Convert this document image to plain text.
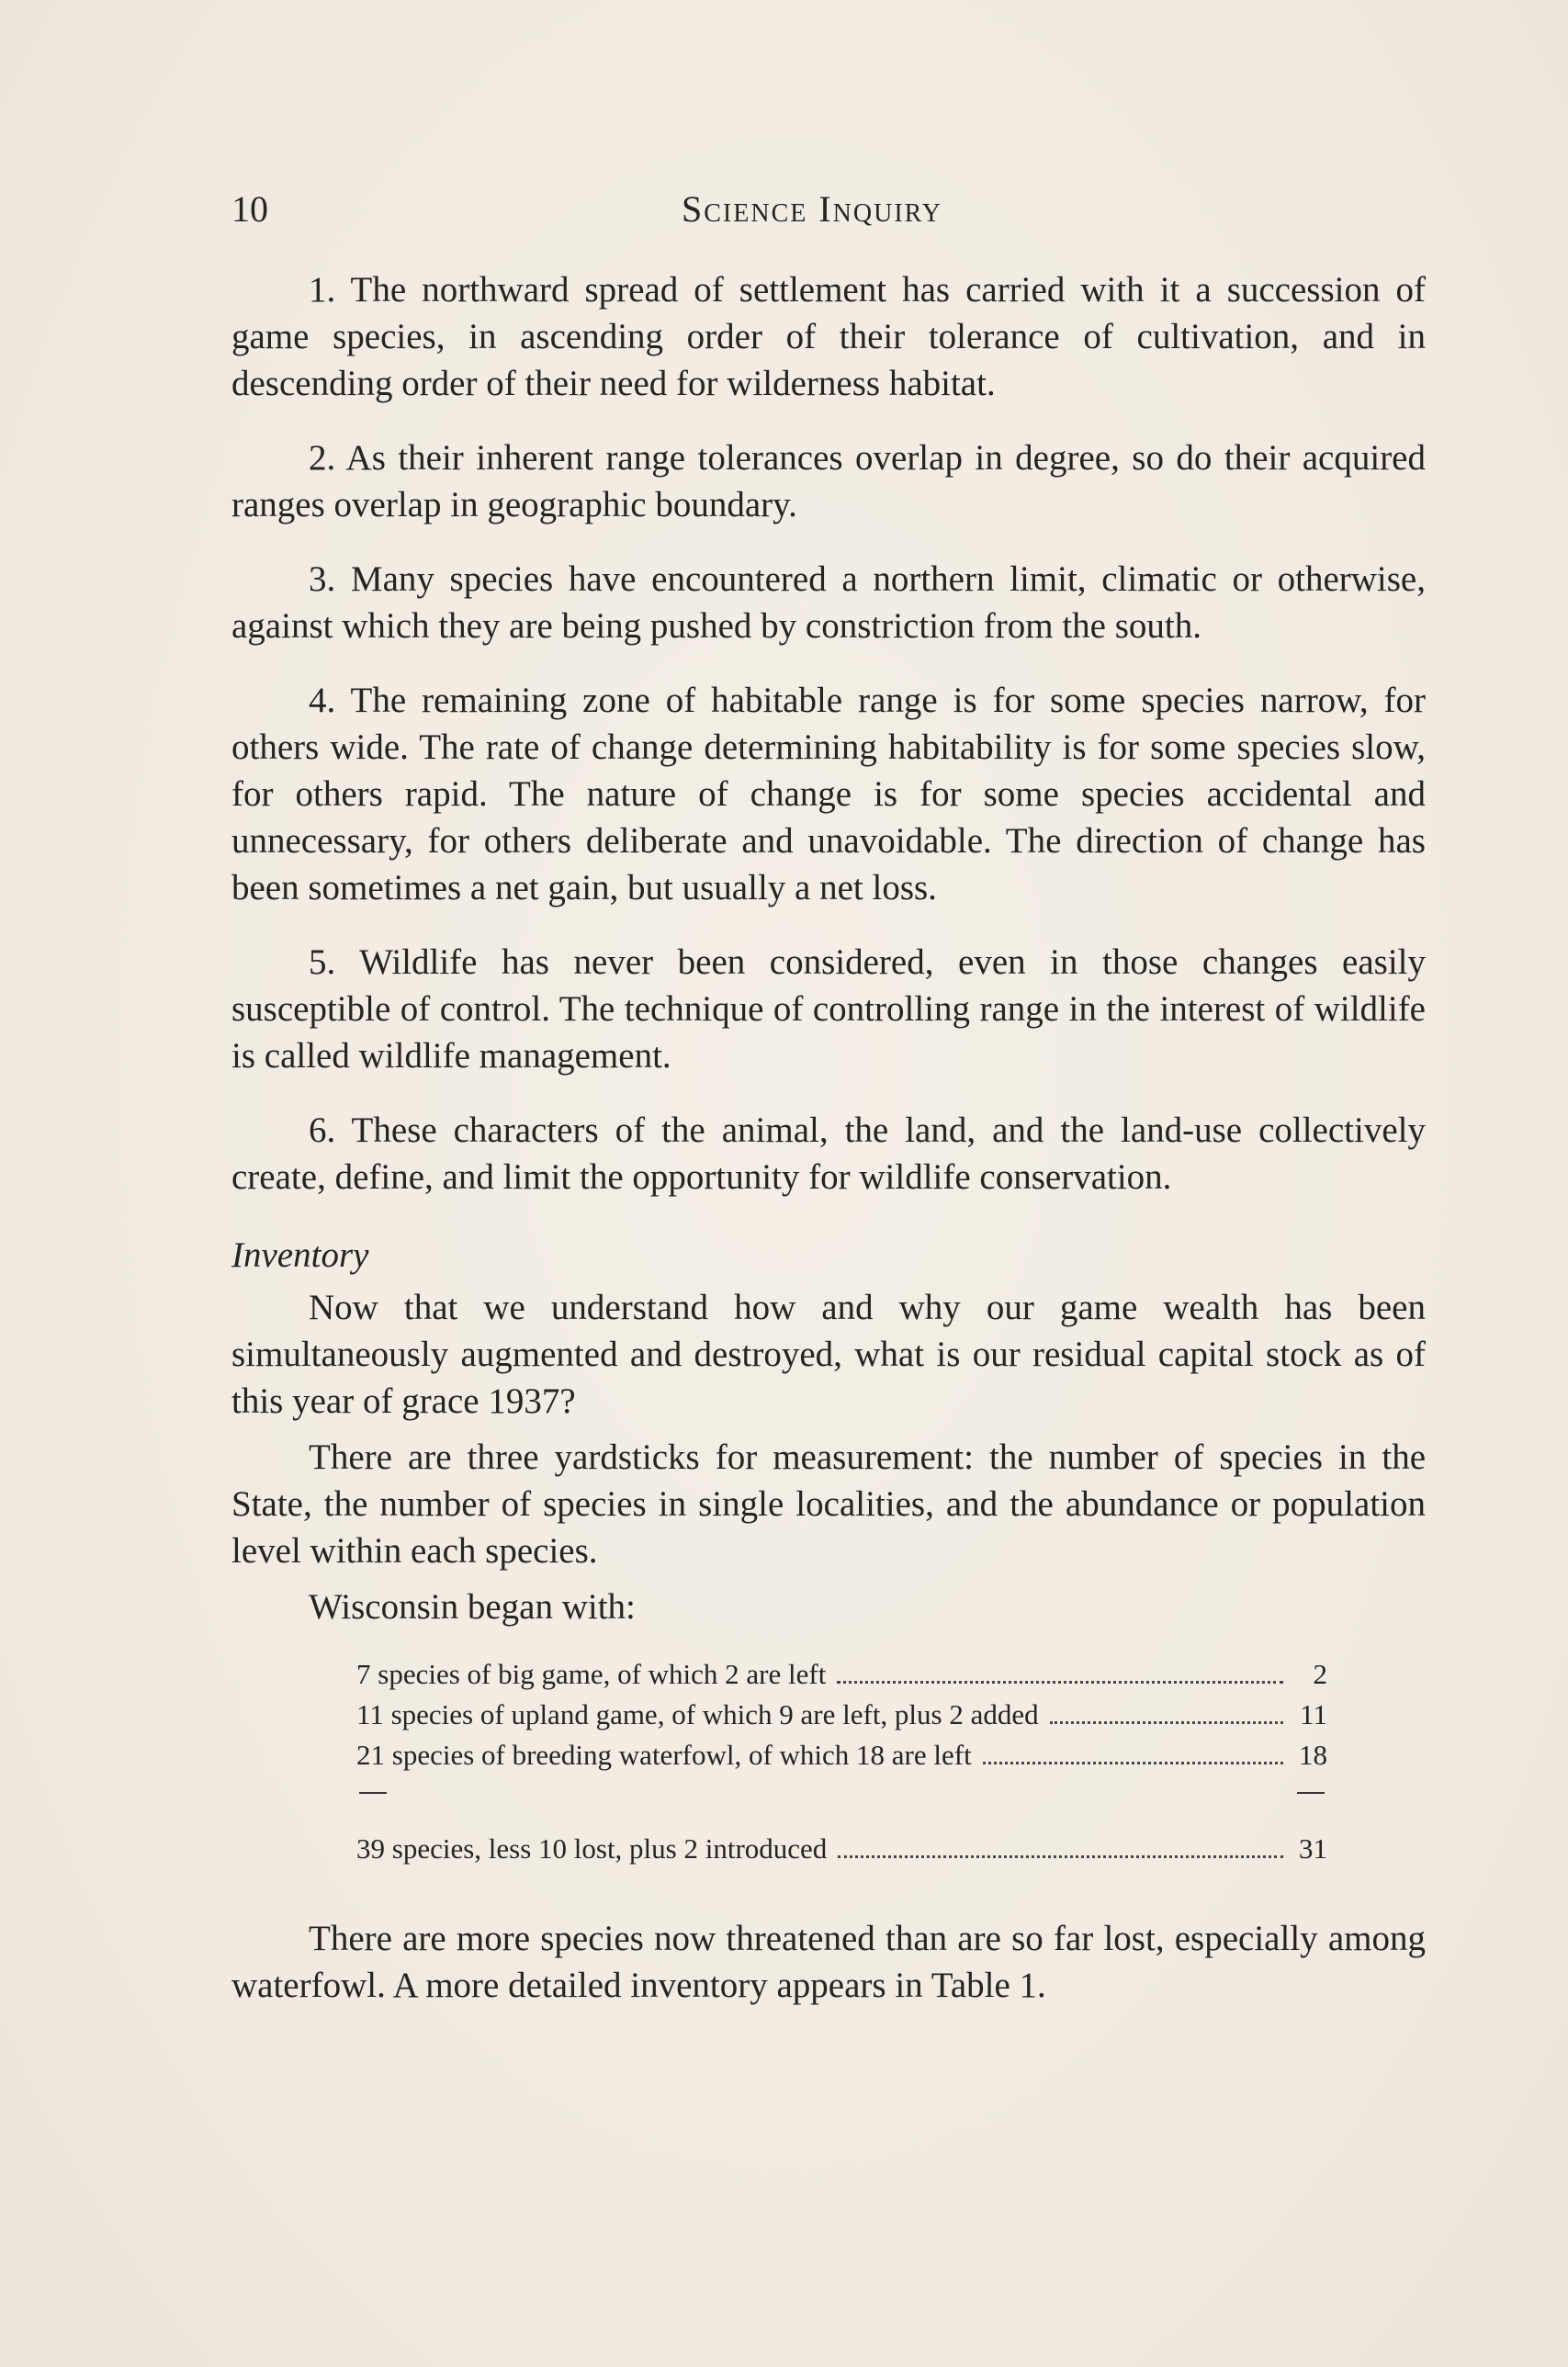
10	Science Inquiry

1. The northward spread of settlement has carried with it a succession of game species, in ascending order of their tolerance of cultivation, and in descending order of their need for wilderness habitat.

2. As their inherent range tolerances overlap in degree, so do their acquired ranges overlap in geographic boundary.

3. Many species have encountered a northern limit, climatic or otherwise, against which they are being pushed by constriction from the south.

4. The remaining zone of habitable range is for some species narrow, for others wide. The rate of change determining habitability is for some species slow, for others rapid. The nature of change is for some species accidental and unnecessary, for others deliberate and unavoidable. The direction of change has been sometimes a net gain, but usually a net loss.

5. Wildlife has never been considered, even in those changes easily susceptible of control. The technique of controlling range in the interest of wildlife is called wildlife management.

6. These characters of the animal, the land, and the land-use collectively create, define, and limit the opportunity for wildlife conservation.

Inventory

Now that we understand how and why our game wealth has been simultaneously augmented and destroyed, what is our residual capital stock as of this year of grace 1937?

There are three yardsticks for measurement: the number of species in the State, the number of species in single localities, and the abundance or population level within each species.

Wisconsin began with:

7 species of big game, of which 2 are left	2
11 species of upland game, of which 9 are left, plus 2 added	11
21 species of breeding waterfowl, of which 18 are left	18
39 species, less 10 lost, plus 2 introduced	31

There are more species now threatened than are so far lost, especially among waterfowl. A more detailed inventory appears in Table 1.
